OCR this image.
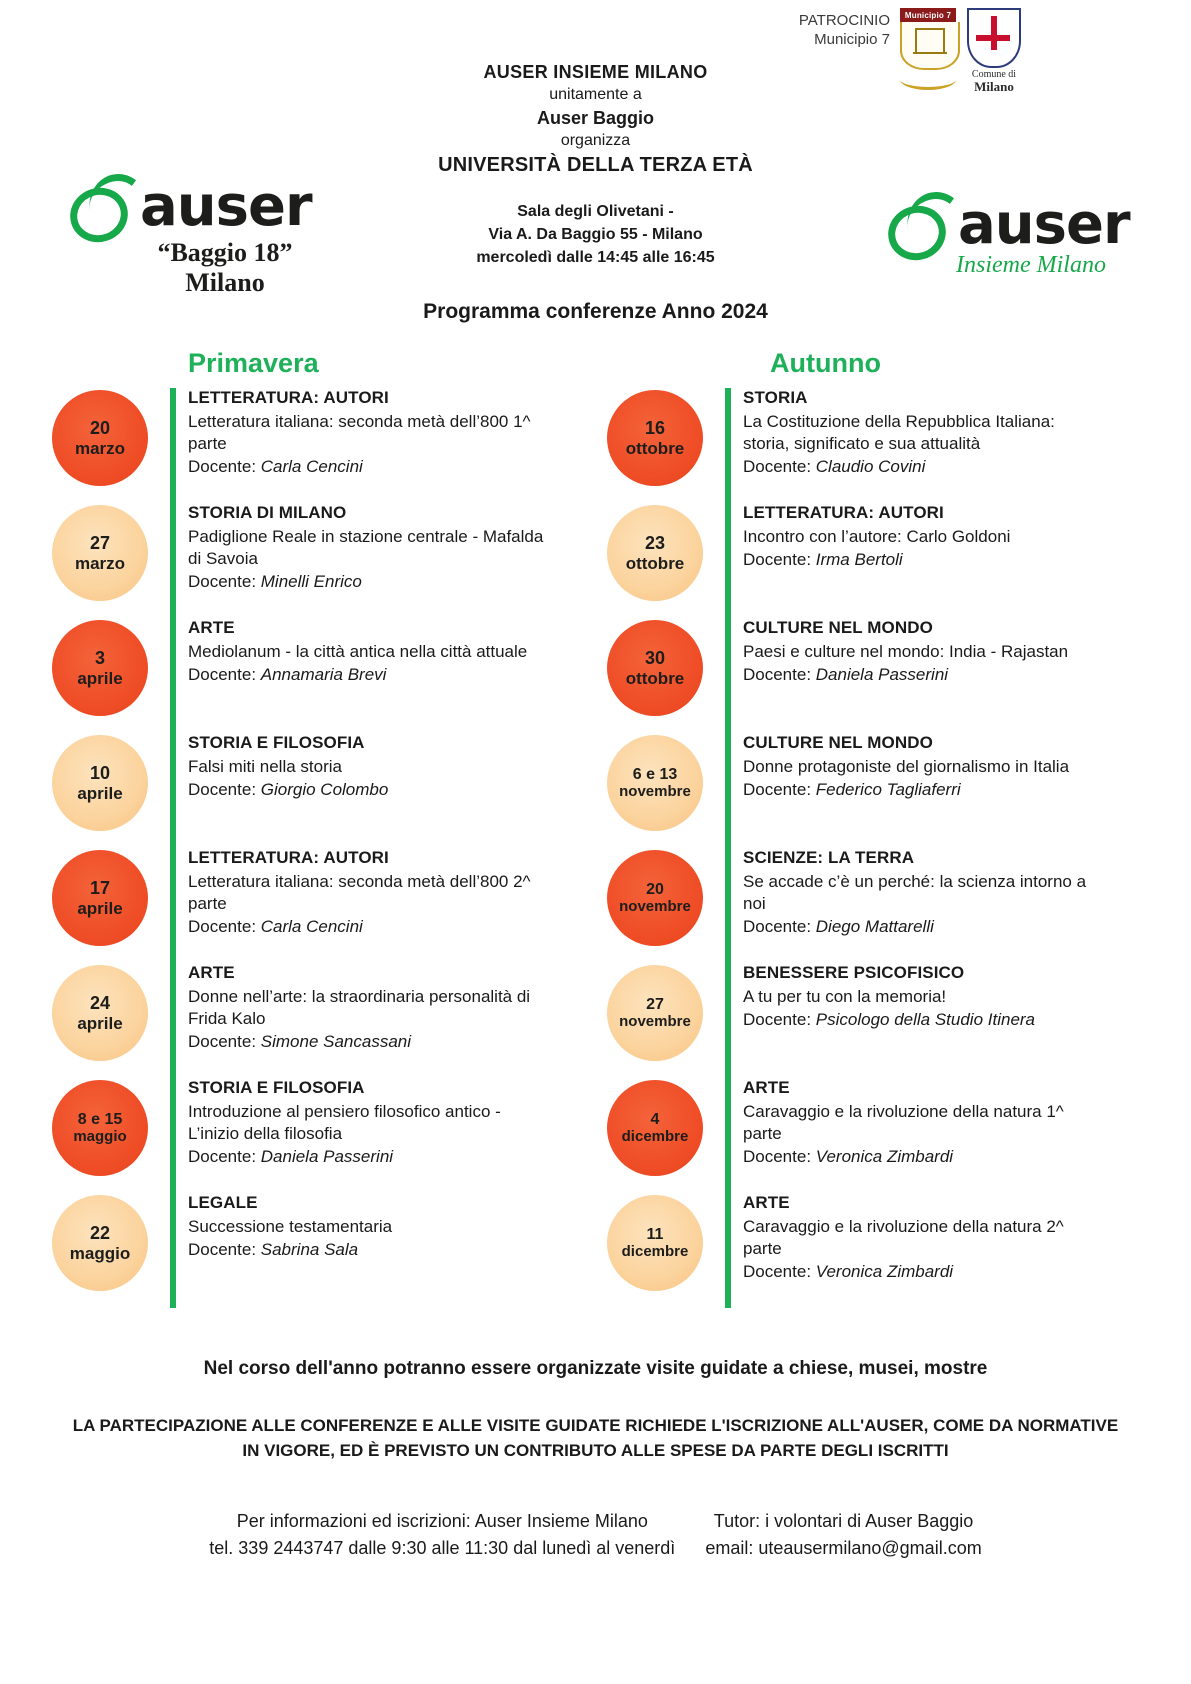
PATROCINIO
Municipio 7
Municipio 7
Comune di
Milano
AUSER INSIEME MILANO
unitamente a
Auser Baggio
organizza
UNIVERSITÀ DELLA TERZA ETÀ
Sala degli Olivetani -
Via A. Da Baggio 55 - Milano
mercoledì dalle 14:45 alle 16:45
Programma conferenze Anno 2024
auser
“Baggio 18”
Milano
auser
Insieme Milano
Primavera	Autunno
20
marzo
LETTERATURA: AUTORI
Letteratura italiana: seconda metà dell’800 1^ parte
Docente: Carla Cencini
27
marzo
STORIA DI MILANO
Padiglione Reale in stazione centrale - Mafalda di Savoia
Docente: Minelli Enrico
3
aprile
ARTE
Mediolanum - la città antica nella città attuale
Docente: Annamaria Brevi
10
aprile
STORIA E FILOSOFIA
Falsi miti nella storia
Docente: Giorgio Colombo
17
aprile
LETTERATURA: AUTORI
Letteratura italiana: seconda metà dell’800 2^ parte
Docente: Carla Cencini
24
aprile
ARTE
Donne nell’arte: la straordinaria personalità di Frida Kalo
Docente: Simone Sancassani
8 e 15
maggio
STORIA E FILOSOFIA
Introduzione al pensiero filosofico antico - L’inizio della filosofia
Docente: Daniela Passerini
22
maggio
LEGALE
Successione testamentaria
Docente: Sabrina Sala
16
ottobre
STORIA
La Costituzione della Repubblica Italiana: storia, significato e sua attualità
Docente: Claudio Covini
23
ottobre
LETTERATURA: AUTORI
Incontro con l’autore: Carlo Goldoni
Docente: Irma Bertoli
30
ottobre
CULTURE NEL MONDO
Paesi e culture nel mondo: India - Rajastan
Docente: Daniela Passerini
6 e 13
novembre
CULTURE NEL MONDO
Donne protagoniste del giornalismo in Italia
Docente: Federico Tagliaferri
20
novembre
SCIENZE: LA TERRA
Se accade c’è un perché: la scienza intorno a noi
Docente: Diego Mattarelli
27
novembre
BENESSERE PSICOFISICO
A tu per tu con la memoria!
Docente: Psicologo della Studio Itinera
4
dicembre
ARTE
Caravaggio e la rivoluzione della natura 1^ parte
Docente: Veronica Zimbardi
11
dicembre
ARTE
Caravaggio e la rivoluzione della natura 2^ parte
Docente: Veronica Zimbardi
Nel corso dell'anno potranno essere organizzate visite guidate a chiese, musei, mostre
LA PARTECIPAZIONE ALLE CONFERENZE E ALLE VISITE GUIDATE RICHIEDE L'ISCRIZIONE ALL'AUSER, COME DA NORMATIVE
IN VIGORE, ED È PREVISTO UN CONTRIBUTO ALLE SPESE DA PARTE DEGLI ISCRITTI
Per informazioni ed iscrizioni: Auser Insieme Milano
tel. 339 2443747 dalle 9:30 alle 11:30 dal lunedì al venerdì
Tutor: i volontari di Auser Baggio
email: uteausermilano@gmail.com
